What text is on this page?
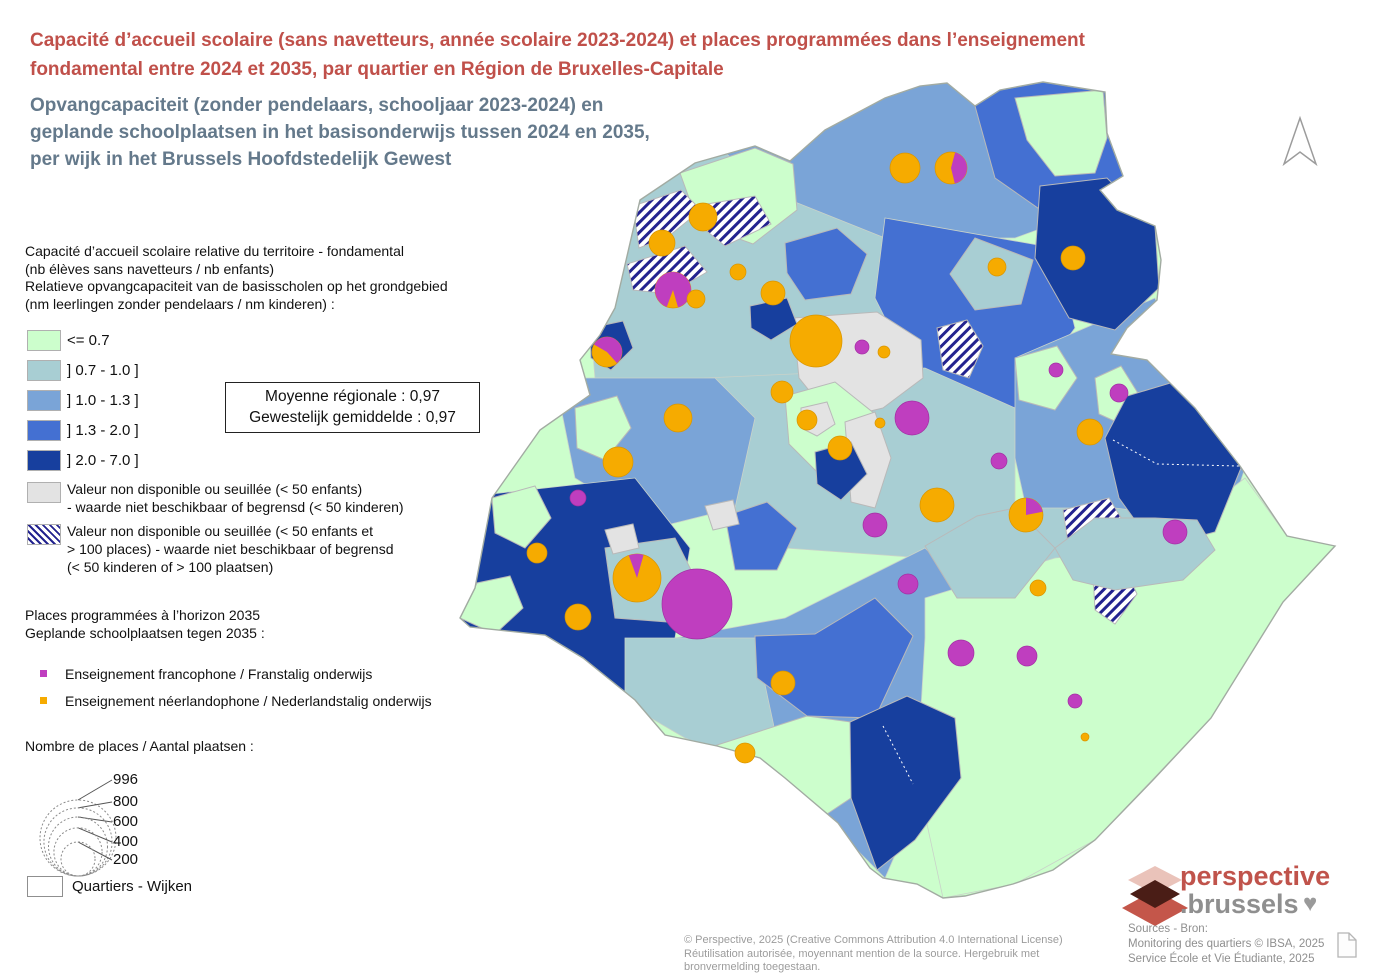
Capacité d’accueil scolaire (sans navetteurs, année scolaire 2023-2024) et places programmées dans l’enseignement
fondamental entre 2024 et 2035, par quartier en Région de Bruxelles-Capitale
Opvangcapaciteit (zonder pendelaars, schooljaar 2023-2024) en
geplande schoolplaatsen in het basisonderwijs tussen 2024 en 2035,
per wijk in het Brussels Hoofdstedelijk Gewest
Capacité d’accueil scolaire relative du territoire - fondamental
(nb élèves sans navetteurs / nb enfants)
Relatieve opvangcapaciteit van de basisscholen op het grondgebied
(nm leerlingen zonder pendelaars / nm kinderen) :
<= 0.7
] 0.7 - 1.0 ]
] 1.0 - 1.3 ]
] 1.3 - 2.0 ]
] 2.0 - 7.0 ]
Valeur non disponible ou seuillée (< 50 enfants)
- waarde niet beschikbaar of begrensd (< 50 kinderen)
Valeur non disponible ou seuillée (< 50 enfants et
> 100 places) - waarde niet beschikbaar of begrensd
(< 50 kinderen of > 100 plaatsen)
Moyenne régionale : 0,97
Gewestelijk gemiddelde : 0,97
Places programmées à l’horizon 2035
Geplande schoolplaatsen tegen 2035 :
Enseignement francophone / Franstalig onderwijs
Enseignement néerlandophone / Nederlandstalig onderwijs
Nombre de places / Aantal plaatsen :
996
800
600
400
200
Quartiers - Wijken
© Perspective, 2025 (Creative Commons Attribution 4.0 International License)
Réutilisation autorisée, moyennant mention de la source. Hergebruik met
bronvermelding toegestaan.
perspective
.brussels ♥
Sources - Bron:
Monitoring des quartiers © IBSA, 2025
Service École et Vie Étudiante, 2025
